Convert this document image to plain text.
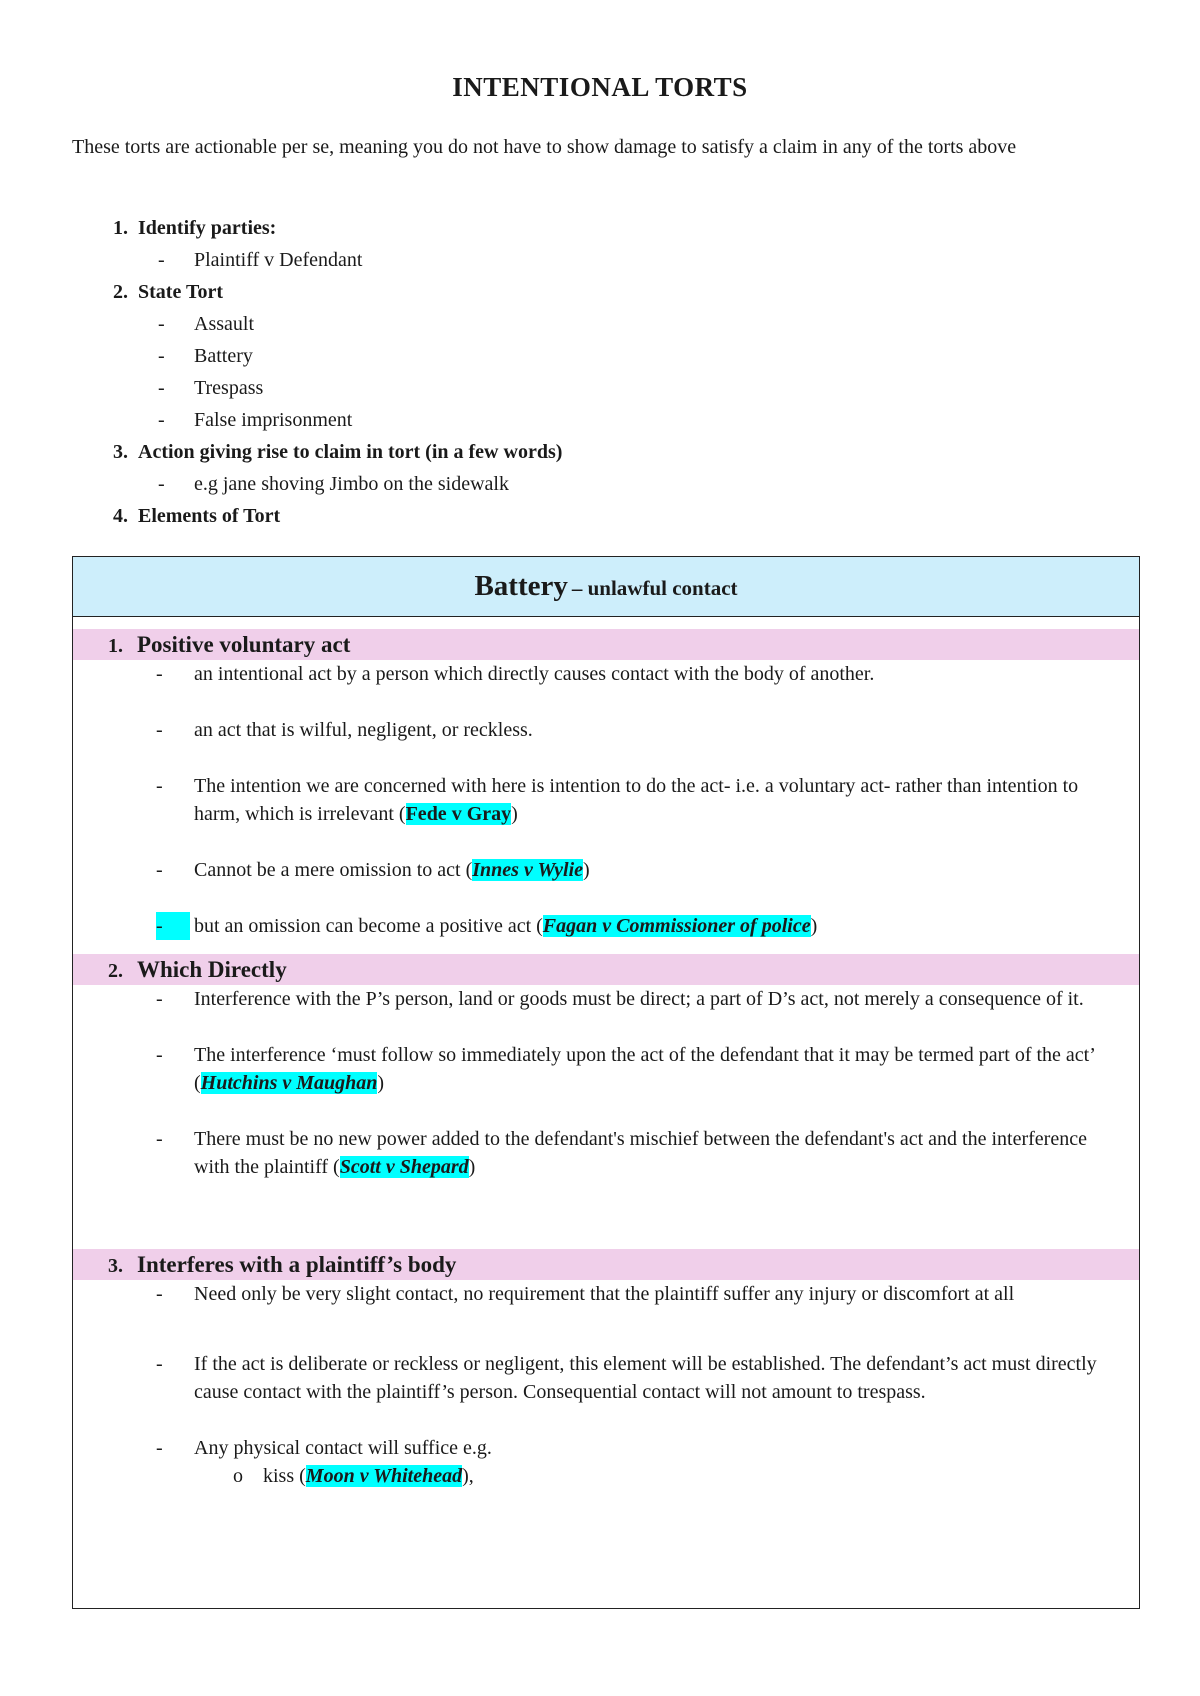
INTENTIONAL TORTS
These torts are actionable per se, meaning you do not have to show damage to satisfy a claim in any of the torts above
1. Identify parties:
- Plaintiff v Defendant
2. State Tort
- Assault
- Battery
- Trespass
- False imprisonment
3. Action giving rise to claim in tort (in a few words)
- e.g jane shoving Jimbo on the sidewalk
4. Elements of Tort
Battery – unlawful contact
1. Positive voluntary act
-	an intentional act by a person which directly causes contact with the body of another.
-	an act that is wilful, negligent, or reckless.
-	The intention we are concerned with here is intention to do the act- i.e. a voluntary act- rather than intention to harm, which is irrelevant (Fede v Gray)
-	Cannot be a mere omission to act (Innes v Wylie)
-	but an omission can become a positive act (Fagan v Commissioner of police)
2. Which Directly
-	Interference with the P’s person, land or goods must be direct; a part of D’s act, not merely a consequence of it.
-	The interference ‘must follow so immediately upon the act of the defendant that it may be termed part of the act’ (Hutchins v Maughan)
-	There must be no new power added to the defendant's mischief between the defendant's act and the interference with the plaintiff (Scott v Shepard)
3. Interferes with a plaintiff’s body
-	Need only be very slight contact, no requirement that the plaintiff suffer any injury or discomfort at all
-	If the act is deliberate or reckless or negligent, this element will be established. The defendant’s act must directly cause contact with the plaintiff’s person. Consequential contact will not amount to trespass.
-	Any physical contact will suffice e.g.
o kiss (Moon v Whitehead),
